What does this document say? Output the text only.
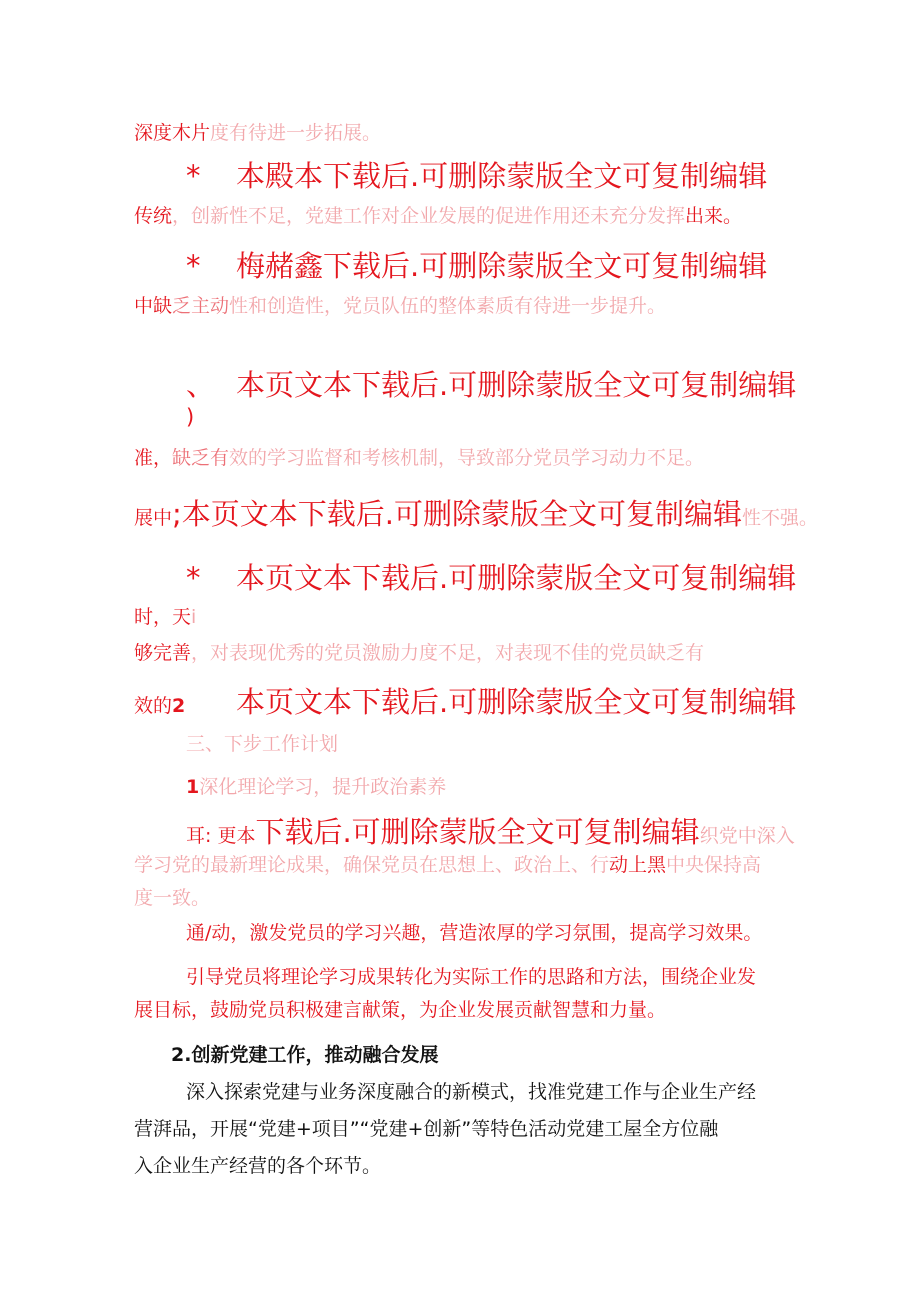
深度木片度有待进一步拓展。
* 本殿本下载后.可删除蒙版全文可复制编辑
传统，创新性不足，党建工作对企业发展的促进作用还未充分发挥出来。
* 梅赭鑫下载后.可删除蒙版全文可复制编辑
中缺乏主动性和创造性，党员队伍的整体素质有待进一步提升。
、 本页文本下载后.可删除蒙版全文可复制编辑
)
准，缺乏有效的学习监督和考核机制，导致部分党员学习动力不足。
展中;本页文本下载后.可删除蒙版全文可复制编辑性不强。
* 本页文本下载后.可删除蒙版全文可复制编辑
时，天i
够完善，对表现优秀的党员激励力度不足，对表现不佳的党员缺乏有
效的2 本页文本下载后.可删除蒙版全文可复制编辑
三、下步工作计划
1深化理论学习，提升政治素养
耳: 更本下载后.可删除蒙版全文可复制编辑织党中深入
学习党的最新理论成果，确保党员在思想上、政治上、行动上黑中央保持高
度一致。
通/动，激发党员的学习兴趣，营造浓厚的学习氛围，提高学习效果。
引导党员将理论学习成果转化为实际工作的思路和方法，围绕企业发
展目标，鼓励党员积极建言献策，为企业发展贡献智慧和力量。
2.创新党建工作，推动融合发展
深入探索党建与业务深度融合的新模式，找准党建工作与企业生产经
营湃品，开展“党建+项目”“党建+创新”等特色活动党建工屋全方位融
入企业生产经营的各个环节。
